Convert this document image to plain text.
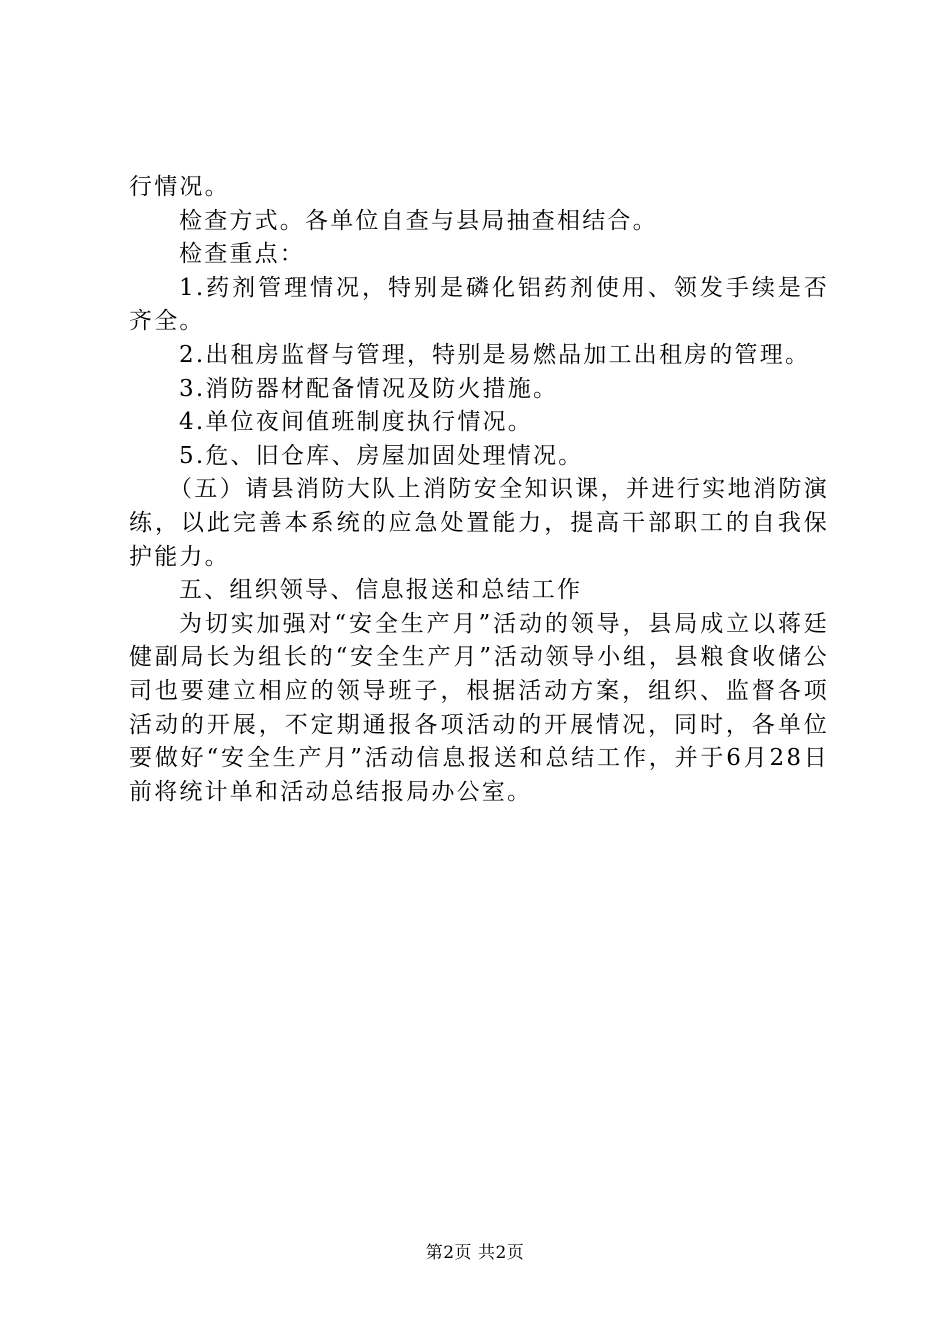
行情况。

检查方式。各单位自查与县局抽查相结合。

检查重点：

1.药剂管理情况，特别是磷化铝药剂使用、领发手续是否齐全。

2.出租房监督与管理，特别是易燃品加工出租房的管理。

3.消防器材配备情况及防火措施。

4.单位夜间值班制度执行情况。

5.危、旧仓库、房屋加固处理情况。

（五）请县消防大队上消防安全知识课，并进行实地消防演练，以此完善本系统的应急处置能力，提高干部职工的自我保护能力。

五、组织领导、信息报送和总结工作

为切实加强对“安全生产月”活动的领导，县局成立以蒋廷健副局长为组长的“安全生产月”活动领导小组，县粮食收储公司也要建立相应的领导班子，根据活动方案，组织、监督各项活动的开展，不定期通报各项活动的开展情况，同时，各单位要做好“安全生产月”活动信息报送和总结工作，并于6月28日前将统计单和活动总结报局办公室。

第2页 共2页
